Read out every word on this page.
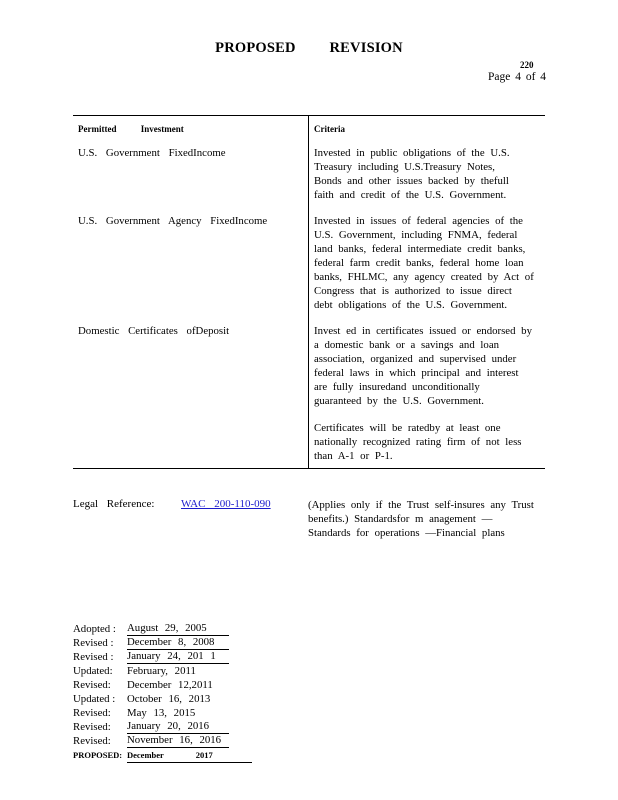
PROPOSED REVISION
220
Page 4 of 4
Permitted Investment	Criteria
U.S. Government FixedIncome	Invested in public obligations of the U.S.
Treasury including U.S.Treasury Notes,
Bonds and other issues backed by thefull
faith and credit of the U.S. Government.
U.S. Government Agency FixedIncome	Invested in issues of federal agencies of the
U.S. Government, including FNMA, federal
land banks, federal intermediate credit banks,
federal farm credit banks, federal home loan
banks, FHLMC, any agency created by Act of
Congress that is authorized to issue direct
debt obligations of the U.S. Government.
Domestic Certificates ofDeposit	Invest ed in certificates issued or endorsed by
a domestic bank or a savings and loan
association, organized and supervised under
federal laws in which principal and interest
are fully insuredand unconditionally
guaranteed by the U.S. Government.
Certificates will be ratedby at least one
nationally recognized rating firm of not less
than A-1 or P-1.
Legal Reference: WAC 200-110-090	(Applies only if the Trust self-insures any Trust
benefits.) Standardsfor m anagement —
Standards for operations —Financial plans
Adopted :	August 29, 2005
Revised :	December 8, 2008
Revised :	January 24, 201 1
Updated:	February, 2011
Revised:	December 12,2011
Updated :	October 16, 2013
Revised:	May 13, 2015
Revised:	January 20, 2016
Revised:	November 16, 2016
PROPOSED: December 2017
